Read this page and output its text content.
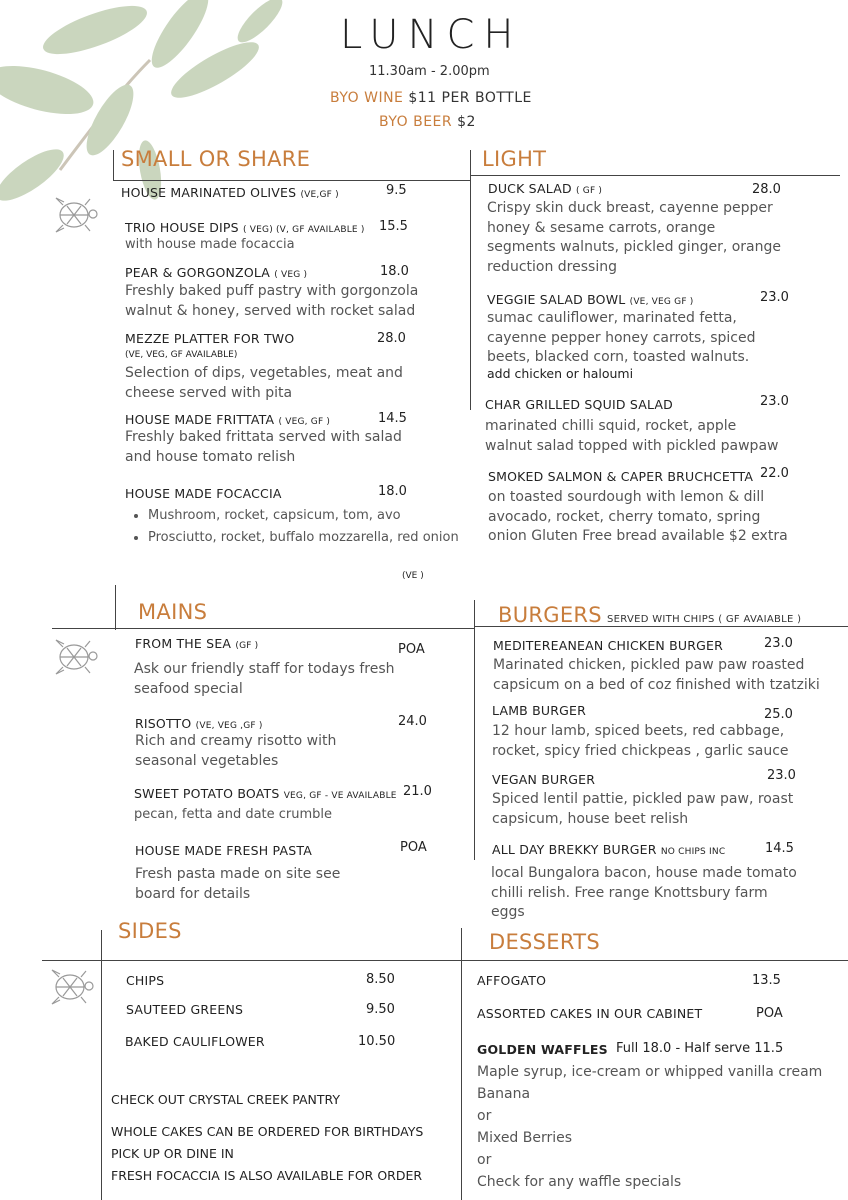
LUNCH
11.30am - 2.00pm
BYO WINE $11 PER BOTTLE
BYO BEER $2
SMALL OR SHARE
HOUSE MARINATED OLIVES (VE,GF )	9.5
TRIO HOUSE DIPS ( VEG) (V, GF AVAILABLE ) 15.5
with house made focaccia
PEAR & GORGONZOLA ( VEG )	18.0
Freshly baked puff pastry with gorgonzola walnut & honey, served with rocket salad
MEZZE PLATTER FOR TWO	28.0
(VE, VEG, GF AVAILABLE)
Selection of dips, vegetables, meat and cheese served with pita
HOUSE MADE FRITTATA ( VEG, GF )	14.5
Freshly baked frittata served with salad and house tomato relish
HOUSE MADE FOCACCIA	18.0
• Mushroom, rocket, capsicum, tom, avo
• Prosciutto, rocket, buffalo mozzarella, red onion
(VE )
LIGHT
DUCK SALAD ( GF )	28.0
Crispy skin duck breast, cayenne pepper honey & sesame carrots, orange segments walnuts, pickled ginger, orange reduction dressing
VEGGIE SALAD BOWL (VE, VEG GF )	23.0
sumac cauliflower, marinated fetta, cayenne pepper honey carrots, spiced beets, blacked corn, toasted walnuts.
add chicken or haloumi
CHAR GRILLED SQUID SALAD	23.0
marinated chilli squid, rocket, apple walnut salad topped with pickled pawpaw
SMOKED SALMON & CAPER BRUCHCETTA 22.0
on toasted sourdough with lemon & dill avocado, rocket, cherry tomato, spring onion Gluten Free bread available $2 extra
MAINS
FROM THE SEA (GF )	POA
Ask our friendly staff for todays fresh seafood special
RISOTTO (VE, VEG ,GF )	24.0
Rich and creamy risotto with seasonal vegetables
SWEET POTATO BOATS VEG, GF - VE AVAILABLE 21.0
pecan, fetta and date crumble
HOUSE MADE FRESH PASTA	POA
Fresh pasta made on site see board for details
BURGERS SERVED WITH CHIPS ( GF AVAIABLE )
MEDITEREANEAN CHICKEN BURGER	23.0
Marinated chicken, pickled paw paw roasted capsicum on a bed of coz finished with tzatziki
LAMB BURGER	25.0
12 hour lamb, spiced beets, red cabbage, rocket, spicy fried chickpeas , garlic sauce
VEGAN BURGER	23.0
Spiced lentil pattie, pickled paw paw, roast capsicum, house beet relish
ALL DAY BREKKY BURGER NO CHIPS INC	14.5
local Bungalora bacon, house made tomato chilli relish. Free range Knottsbury farm eggs
SIDES
CHIPS	8.50
SAUTEED GREENS	9.50
BAKED CAULIFLOWER	10.50
CHECK OUT CRYSTAL CREEK PANTRY
WHOLE CAKES CAN BE ORDERED FOR BIRTHDAYS
PICK UP OR DINE IN
FRESH FOCACCIA IS ALSO AVAILABLE FOR ORDER
DESSERTS
AFFOGATO	13.5
ASSORTED CAKES IN OUR CABINET	POA
GOLDEN WAFFLES Full 18.0 - Half serve 11.5
Maple syrup, ice-cream or whipped vanilla cream
Banana
or
Mixed Berries
or
Check for any waffle specials
